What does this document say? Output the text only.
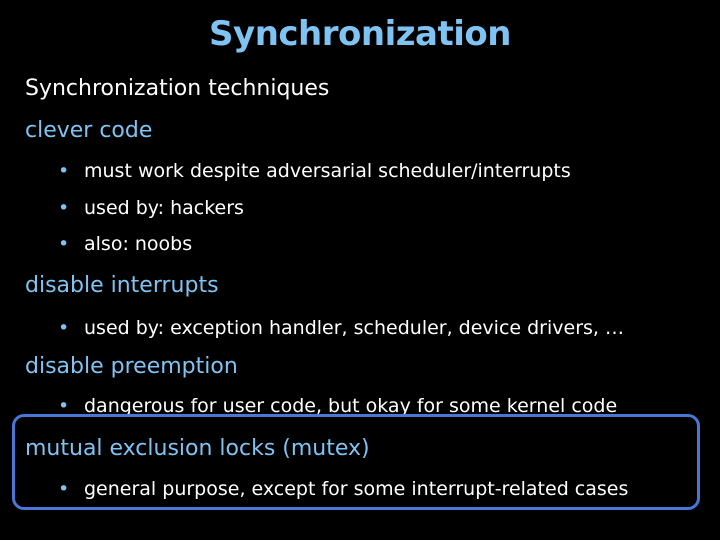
Synchronization
Synchronization techniques
clever code
• must work despite adversarial scheduler/interrupts
• used by: hackers
• also: noobs
disable interrupts
• used by: exception handler, scheduler, device drivers, …
disable preemption
• dangerous for user code, but okay for some kernel code
mutual exclusion locks (mutex)
• general purpose, except for some interrupt-related cases
